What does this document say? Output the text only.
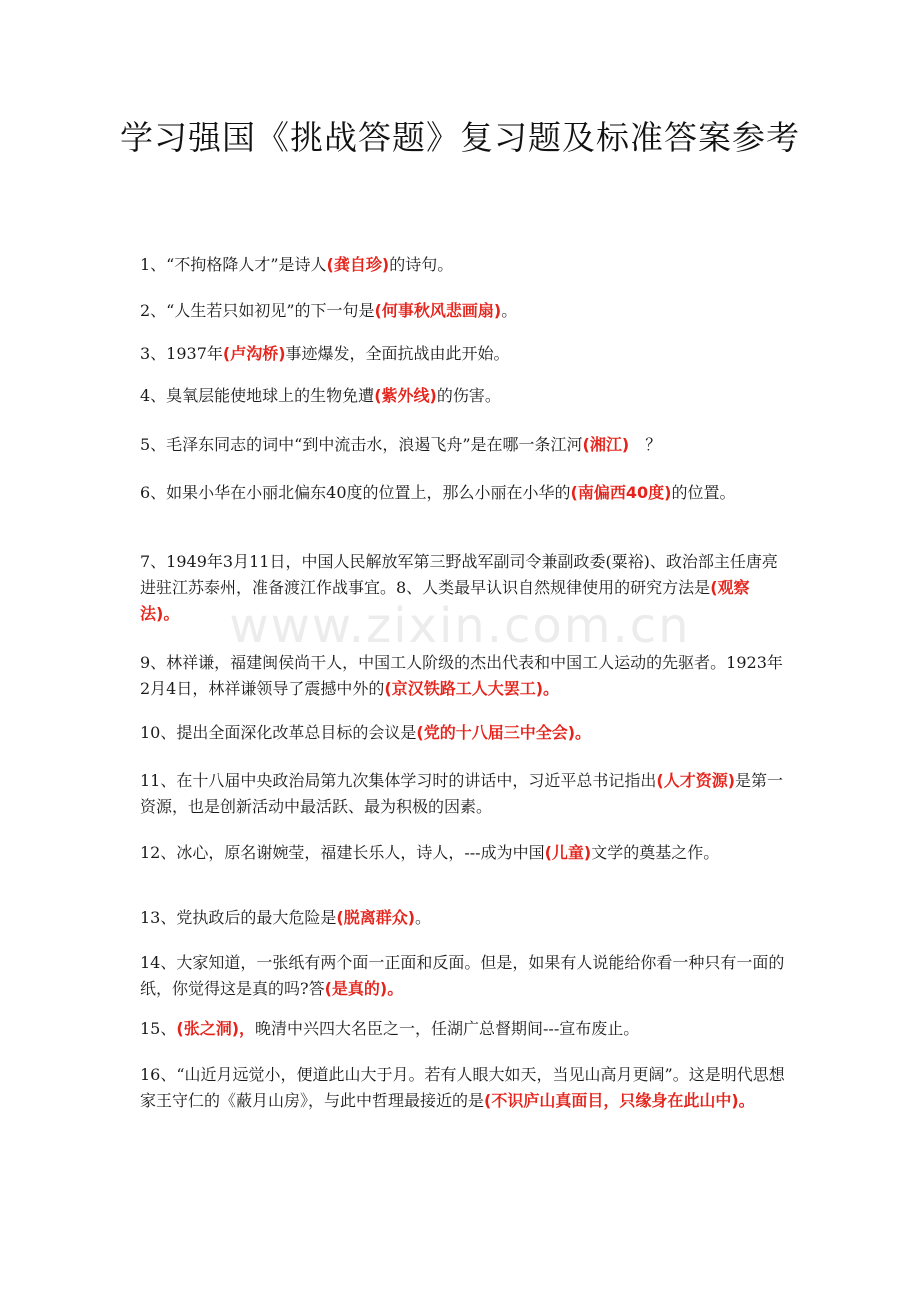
学习强国《挑战答题》复习题及标准答案参考
www.zixin.com.cn

1、“不拘格降人才”是诗人(龚自珍)的诗句。

2、“人生若只如初见”的下一句是(何事秋风悲画扇)。

3、1937年(卢沟桥)事迹爆发，全面抗战由此开始。

4、臭氧层能使地球上的生物免遭(紫外线)的伤害。

5、毛泽东同志的词中“到中流击水，浪遏飞舟”是在哪一条江河(湘江)　？

6、如果小华在小丽北偏东40度的位置上，那么小丽在小华的(南偏西40度)的位置。

7、1949年3月11日，中国人民解放军第三野战军副司令兼副政委(粟裕)、政治部主任唐亮进驻江苏泰州，准备渡江作战事宜。8、人类最早认识自然规律使用的研究方法是(观察法)。

9、林祥谦，福建闽侯尚干人，中国工人阶级的杰出代表和中国工人运动的先驱者。1923年2月4日，林祥谦领导了震撼中外的(京汉铁路工人大罢工)。

10、提出全面深化改革总目标的会议是(党的十八届三中全会)。

11、在十八届中央政治局第九次集体学习时的讲话中，习近平总书记指出(人才资源)是第一资源，也是创新活动中最活跃、最为积极的因素。

12、冰心，原名谢婉莹，福建长乐人，诗人，---成为中国(儿童)文学的奠基之作。

13、党执政后的最大危险是(脱离群众)。

14、大家知道，一张纸有两个面一正面和反面。但是，如果有人说能给你看一种只有一面的纸，你觉得这是真的吗?答(是真的)。

15、(张之洞)，晚清中兴四大名臣之一，任湖广总督期间---宣布废止。

16、“山近月远觉小，便道此山大于月。若有人眼大如天，当见山高月更阔”。这是明代思想家王守仁的《蔽月山房》，与此中哲理最接近的是(不识庐山真面目，只缘身在此山中)。
